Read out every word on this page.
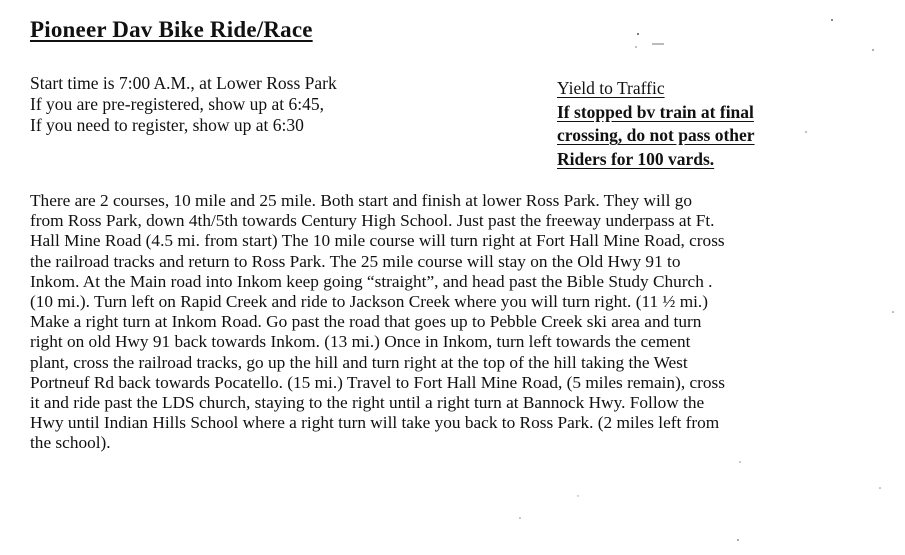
Pioneer Dav Bike Ride/Race
Start time is 7:00 A.M., at Lower Ross Park
If you are pre-registered, show up at 6:45,
If you need to register, show up at 6:30
Yield to Traffic
If stopped bv train at final
crossing, do not pass other
Riders for 100 vards.
There are 2 courses, 10 mile and 25 mile. Both start and finish at lower Ross Park. They will go
from Ross Park, down 4th/5th towards Century High School. Just past the freeway underpass at Ft.
Hall Mine Road (4.5 mi. from start) The 10 mile course will turn right at Fort Hall Mine Road, cross
the railroad tracks and return to Ross Park. The 25 mile course will stay on the Old Hwy 91 to
Inkom. At the Main road into Inkom keep going “straight”, and head past the Bible Study Church .
(10 mi.). Turn left on Rapid Creek and ride to Jackson Creek where you will turn right. (11 ½ mi.)
Make a right turn at Inkom Road. Go past the road that goes up to Pebble Creek ski area and turn
right on old Hwy 91 back towards Inkom. (13 mi.) Once in Inkom, turn left towards the cement
plant, cross the railroad tracks, go up the hill and turn right at the top of the hill taking the West
Portneuf Rd back towards Pocatello. (15 mi.) Travel to Fort Hall Mine Road, (5 miles remain), cross
it and ride past the LDS church, staying to the right until a right turn at Bannock Hwy. Follow the
Hwy until Indian Hills School where a right turn will take you back to Ross Park. (2 miles left from
the school).
